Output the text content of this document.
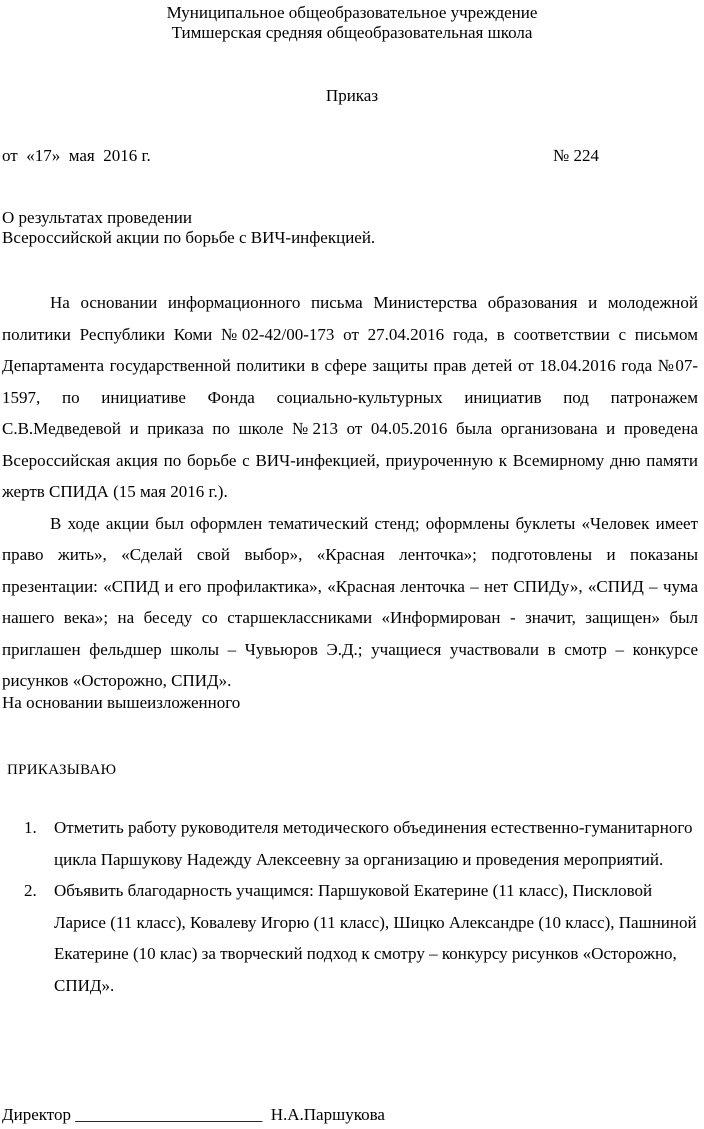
Муниципальное общеобразовательное учреждение
Тимшерская средняя общеобразовательная школа
Приказ
от  «17»  мая  2016 г.	№ 224
О результатах проведении
Всероссийской акции по борьбе с ВИЧ-инфекцией.

На основании информационного письма Министерства образования и молодежной политики Республики Коми №02-42/00-173 от 27.04.2016 года, в соответствии с письмом Департамента государственной политики в сфере защиты прав детей от 18.04.2016 года №07-1597, по инициативе Фонда социально-культурных инициатив под патронажем С.В.Медведевой и приказа по школе №213 от 04.05.2016 была организована и проведена Всероссийская акция по борьбе с ВИЧ-инфекцией, приуроченную к Всемирному дню памяти жертв СПИДА (15 мая 2016 г.).

В ходе акции был оформлен тематический стенд; оформлены буклеты «Человек имеет право жить», «Сделай свой выбор», «Красная ленточка»; подготовлены и показаны презентации: «СПИД и его профилактика», «Красная ленточка – нет СПИДу», «СПИД – чума нашего века»; на беседу со старшеклассниками «Информирован - значит, защищен» был приглашен фельдшер школы – Чувьюров Э.Д.; учащиеся участвовали в смотр – конкурсе рисунков «Осторожно, СПИД».

На основании вышеизложенного
ПРИКАЗЫВАЮ

1. Отметить работу руководителя методического объединения естественно-гуманитарного цикла Паршукову Надежду Алексеевну за организацию и проведения мероприятий.

2. Объявить благодарность учащимся: Паршуковой Екатерине (11 класс), Пискловой Ларисе (11 класс), Ковалеву Игорю (11 класс), Шицко Александре (10 класс), Пашниной Екатерине (10 клас) за творческий подход к смотру – конкурсу рисунков «Осторожно, СПИД».

Директор ______________________  Н.А.Паршукова
